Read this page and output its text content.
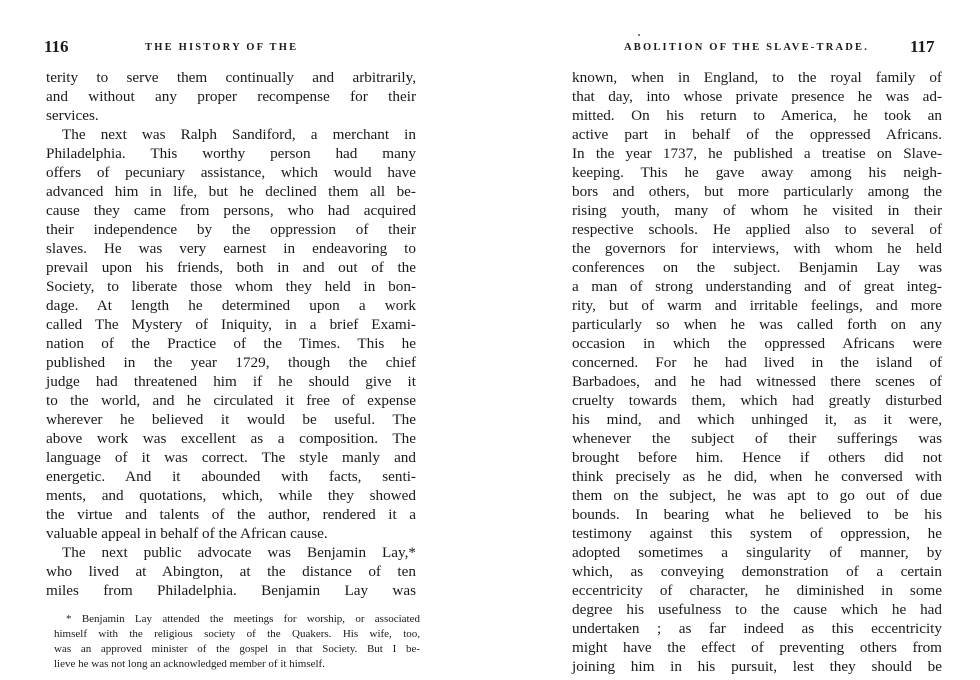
116	THE HISTORY OF THE
terity to serve them continually and arbitrarily,
and without any proper recompense for their
services.
The next was Ralph Sandiford, a merchant in
Philadelphia. This worthy person had many
offers of pecuniary assistance, which would have
advanced him in life, but he declined them all be-
cause they came from persons, who had acquired
their independence by the oppression of their
slaves. He was very earnest in endeavoring to
prevail upon his friends, both in and out of the
Society, to liberate those whom they held in bon-
dage. At length he determined upon a work
called The Mystery of Iniquity, in a brief Exami-
nation of the Practice of the Times. This he
published in the year 1729, though the chief
judge had threatened him if he should give it
to the world, and he circulated it free of expense
wherever he believed it would be useful. The
above work was excellent as a composition. The
language of it was correct. The style manly and
energetic. And it abounded with facts, senti-
ments, and quotations, which, while they showed
the virtue and talents of the author, rendered it a
valuable appeal in behalf of the African cause.
The next public advocate was Benjamin Lay,*
who lived at Abington, at the distance of ten
miles from Philadelphia. Benjamin Lay was
* Benjamin Lay attended the meetings for worship, or associated
himself with the religious society of the Quakers. His wife, too,
was an approved minister of the gospel in that Society. But I be-
lieve he was not long an acknowledged member of it himself.
ABOLITION OF THE SLAVE-TRADE. 117
known, when in England, to the royal family of
that day, into whose private presence he was ad-
mitted. On his return to America, he took an
active part in behalf of the oppressed Africans.
In the year 1737, he published a treatise on Slave-
keeping. This he gave away among his neigh-
bors and others, but more particularly among the
rising youth, many of whom he visited in their
respective schools. He applied also to several of
the governors for interviews, with whom he held
conferences on the subject. Benjamin Lay was
a man of strong understanding and of great integ-
rity, but of warm and irritable feelings, and more
particularly so when he was called forth on any
occasion in which the oppressed Africans were
concerned. For he had lived in the island of
Barbadoes, and he had witnessed there scenes of
cruelty towards them, which had greatly disturbed
his mind, and which unhinged it, as it were,
whenever the subject of their sufferings was
brought before him. Hence if others did not
think precisely as he did, when he conversed with
them on the subject, he was apt to go out of due
bounds. In bearing what he believed to be his
testimony against this system of oppression, he
adopted sometimes a singularity of manner, by
which, as conveying demonstration of a certain
eccentricity of character, he diminished in some
degree his usefulness to the cause which he had
undertaken ; as far indeed as this eccentricity
might have the effect of preventing others from
joining him in his pursuit, lest they should be
